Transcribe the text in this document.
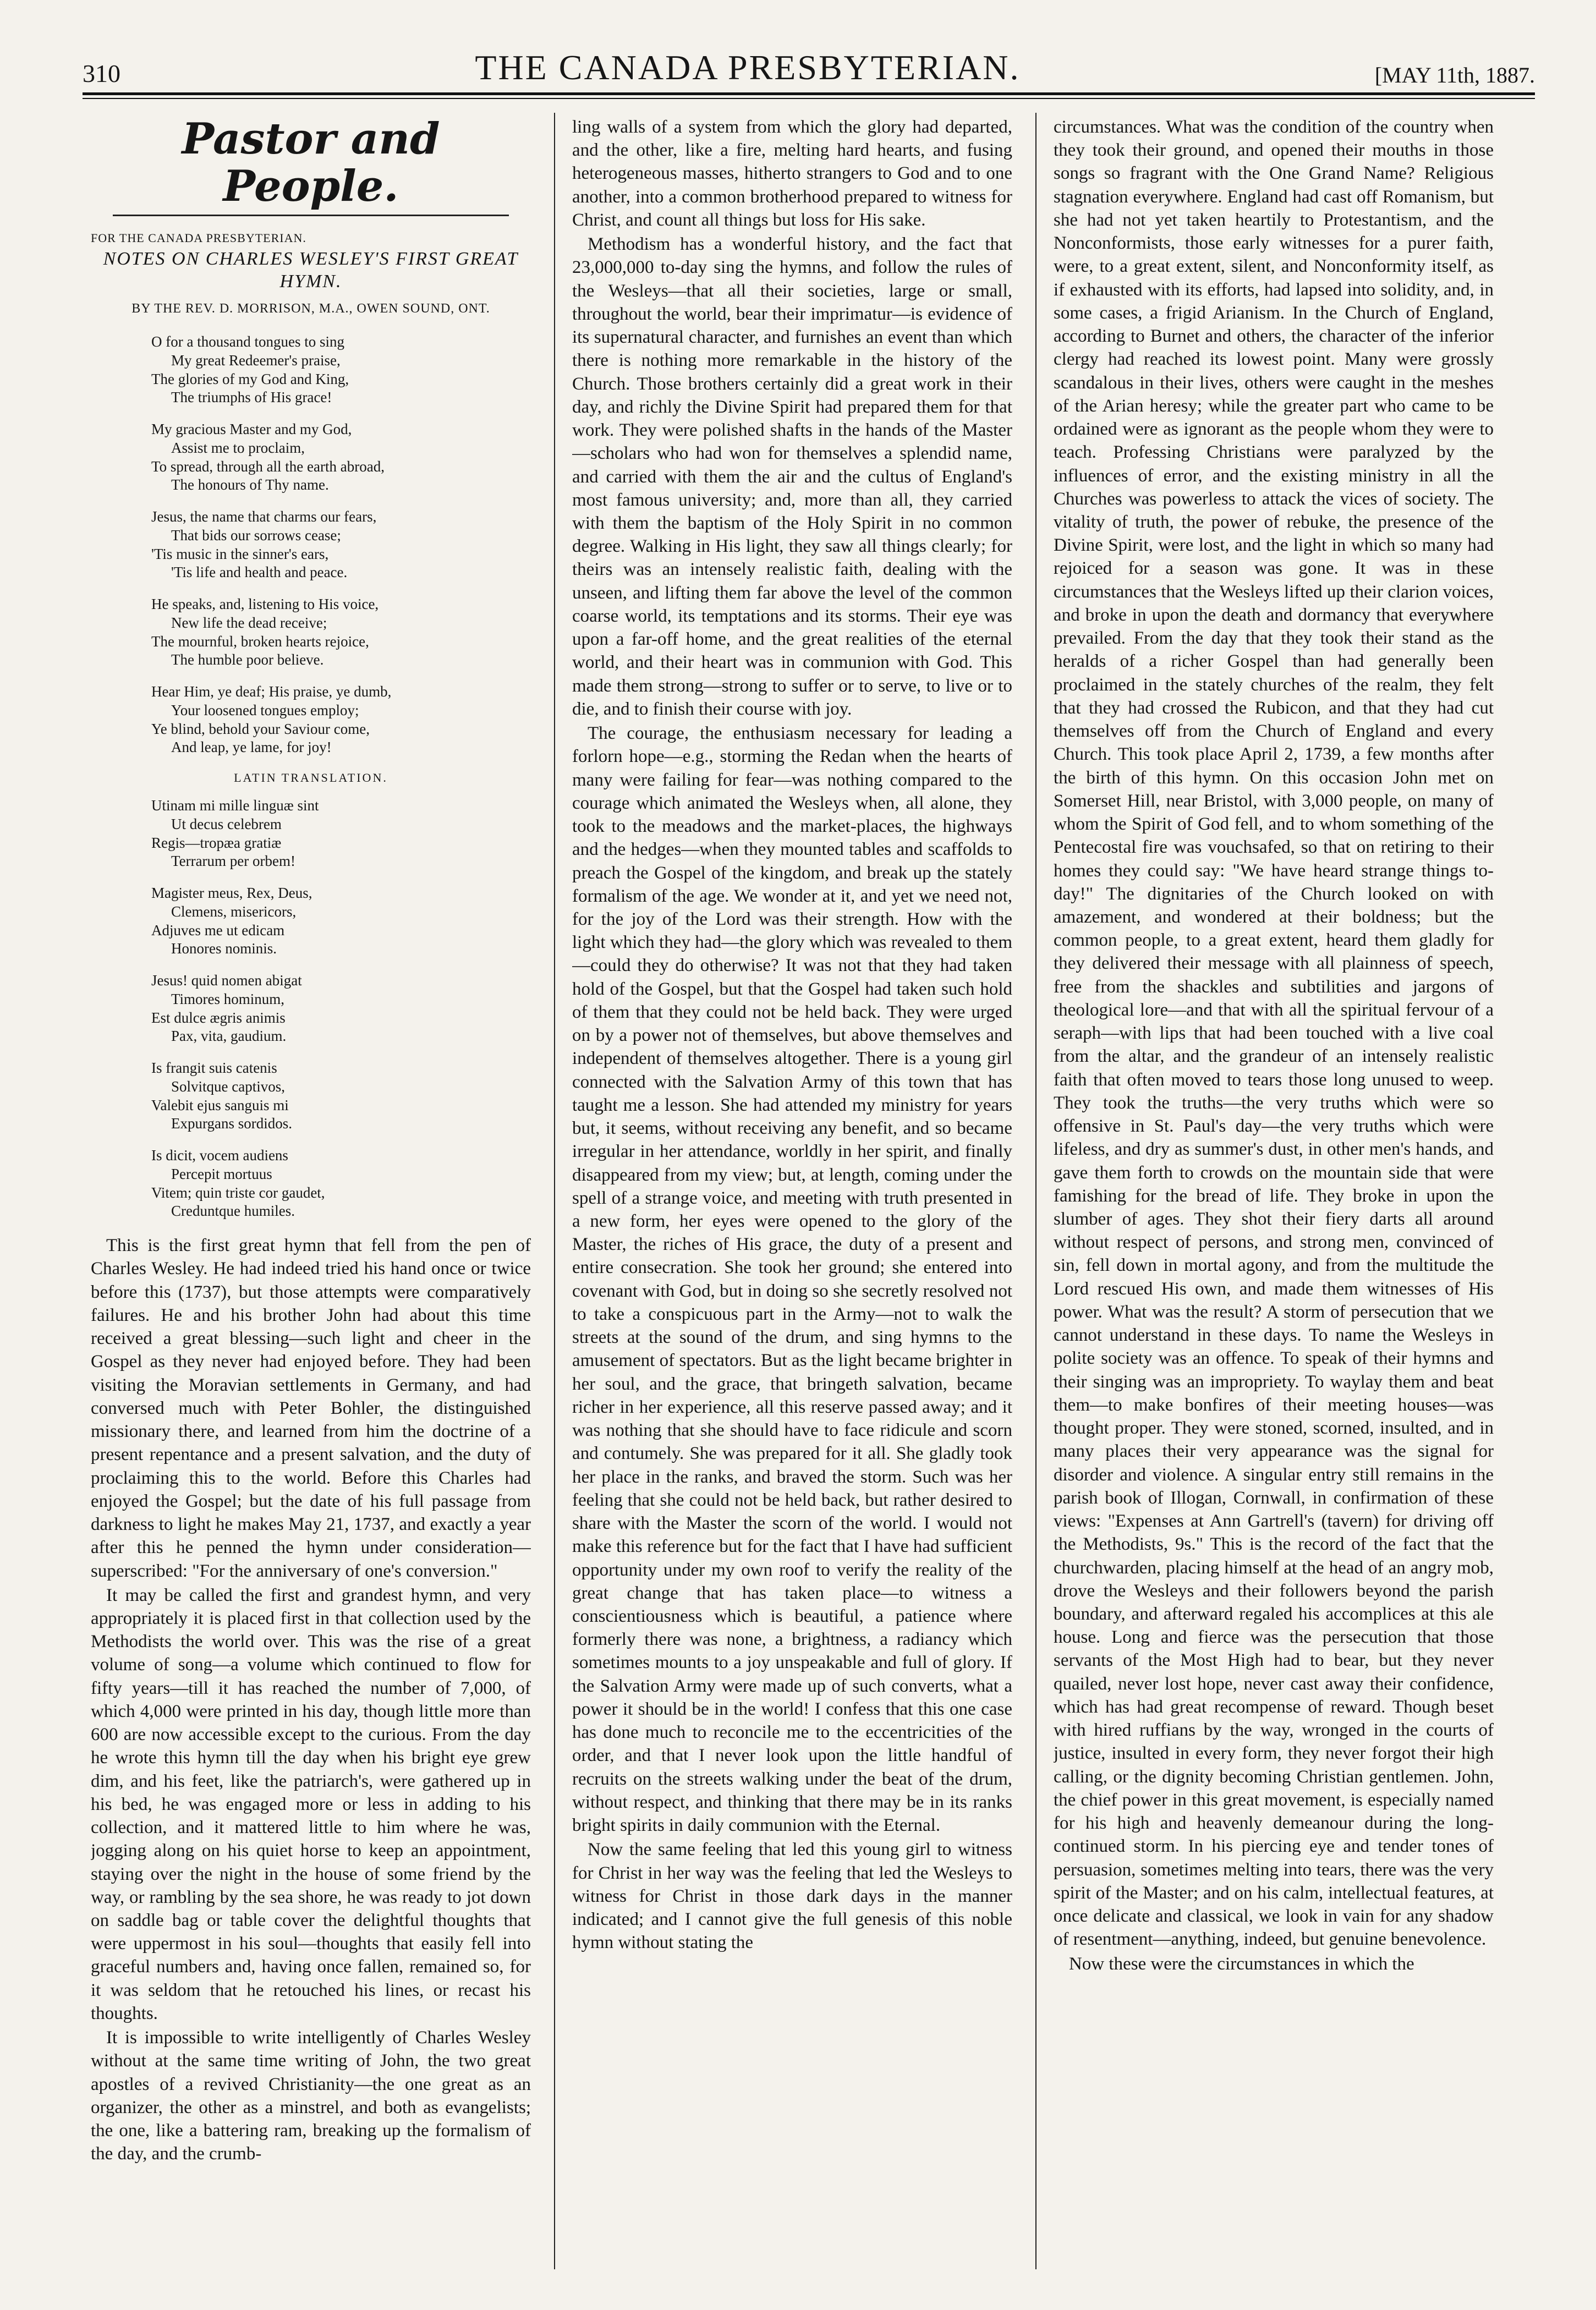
310	THE CANADA PRESBYTERIAN.	[MAY 11th, 1887.
Pastor and People.
FOR THE CANADA PRESBYTERIAN.
NOTES ON CHARLES WESLEY'S FIRST GREAT HYMN.
BY THE REV. D. MORRISON, M.A., OWEN SOUND, ONT.
O for a thousand tongues to sing
My great Redeemer's praise,
The glories of my God and King,
The triumphs of His grace!
My gracious Master and my God,
Assist me to proclaim,
To spread, through all the earth abroad,
The honours of Thy name.
Jesus, the name that charms our fears,
That bids our sorrows cease;
'Tis music in the sinner's ears,
'Tis life and health and peace.
He speaks, and, listening to His voice,
New life the dead receive;
The mournful, broken hearts rejoice,
The humble poor believe.
Hear Him, ye deaf; His praise, ye dumb,
Your loosened tongues employ;
Ye blind, behold your Saviour come,
And leap, ye lame, for joy!
LATIN TRANSLATION.
Utinam mi mille linguæ sint
Ut decus celebrem
Regis—tropæa gratiæ
Terrarum per orbem!
Magister meus, Rex, Deus,
Clemens, misericors,
Adjuves me ut edicam
Honores nominis.
Jesus! quid nomen abigat
Timores hominum,
Est dulce ægris animis
Pax, vita, gaudium.
Is frangit suis catenis
Solvitque captivos,
Valebit ejus sanguis mi
Expurgans sordidos.
Is dicit, vocem audiens
Percepit mortuus
Vitem; quin triste cor gaudet,
Creduntque humiles.

This is the first great hymn that fell from the pen of Charles Wesley. He had indeed tried his hand once or twice before this (1737), but those attempts were comparatively failures. He and his brother John had about this time received a great blessing—such light and cheer in the Gospel as they never had enjoyed before. They had been visiting the Moravian settlements in Germany, and had conversed much with Peter Bohler, the distinguished missionary there, and learned from him the doctrine of a present repentance and a present salvation, and the duty of proclaiming this to the world. Before this Charles had enjoyed the Gospel; but the date of his full passage from darkness to light he makes May 21, 1737, and exactly a year after this he penned the hymn under consideration—superscribed: "For the anniversary of one's conversion."

It may be called the first and grandest hymn, and very appropriately it is placed first in that collection used by the Methodists the world over. This was the rise of a great volume of song—a volume which continued to flow for fifty years—till it has reached the number of 7,000, of which 4,000 were printed in his day, though little more than 600 are now accessible except to the curious. From the day he wrote this hymn till the day when his bright eye grew dim, and his feet, like the patriarch's, were gathered up in his bed, he was engaged more or less in adding to his collection, and it mattered little to him where he was, jogging along on his quiet horse to keep an appointment, staying over the night in the house of some friend by the way, or rambling by the sea shore, he was ready to jot down on saddle bag or table cover the delightful thoughts that were uppermost in his soul—thoughts that easily fell into graceful numbers and, having once fallen, remained so, for it was seldom that he retouched his lines, or recast his thoughts.

It is impossible to write intelligently of Charles Wesley without at the same time writing of John, the two great apostles of a revived Christianity—the one great as an organizer, the other as a minstrel, and both as evangelists; the one, like a battering ram, breaking up the formalism of the day, and the crumb-

ling walls of a system from which the glory had departed, and the other, like a fire, melting hard hearts, and fusing heterogeneous masses, hitherto strangers to God and to one another, into a common brotherhood prepared to witness for Christ, and count all things but loss for His sake.

Methodism has a wonderful history, and the fact that 23,000,000 to-day sing the hymns, and follow the rules of the Wesleys—that all their societies, large or small, throughout the world, bear their imprimatur—is evidence of its supernatural character, and furnishes an event than which there is nothing more remarkable in the history of the Church. Those brothers certainly did a great work in their day, and richly the Divine Spirit had prepared them for that work. They were polished shafts in the hands of the Master—scholars who had won for themselves a splendid name, and carried with them the air and the cultus of England's most famous university; and, more than all, they carried with them the baptism of the Holy Spirit in no common degree. Walking in His light, they saw all things clearly; for theirs was an intensely realistic faith, dealing with the unseen, and lifting them far above the level of the common coarse world, its temptations and its storms. Their eye was upon a far-off home, and the great realities of the eternal world, and their heart was in communion with God. This made them strong—strong to suffer or to serve, to live or to die, and to finish their course with joy.

The courage, the enthusiasm necessary for leading a forlorn hope—e.g., storming the Redan when the hearts of many were failing for fear—was nothing compared to the courage which animated the Wesleys when, all alone, they took to the meadows and the market-places, the highways and the hedges—when they mounted tables and scaffolds to preach the Gospel of the kingdom, and break up the stately formalism of the age. We wonder at it, and yet we need not, for the joy of the Lord was their strength. How with the light which they had—the glory which was revealed to them—could they do otherwise? It was not that they had taken hold of the Gospel, but that the Gospel had taken such hold of them that they could not be held back. They were urged on by a power not of themselves, but above themselves and independent of themselves altogether. There is a young girl connected with the Salvation Army of this town that has taught me a lesson. She had attended my ministry for years but, it seems, without receiving any benefit, and so became irregular in her attendance, worldly in her spirit, and finally disappeared from my view; but, at length, coming under the spell of a strange voice, and meeting with truth presented in a new form, her eyes were opened to the glory of the Master, the riches of His grace, the duty of a present and entire consecration. She took her ground; she entered into covenant with God, but in doing so she secretly resolved not to take a conspicuous part in the Army—not to walk the streets at the sound of the drum, and sing hymns to the amusement of spectators. But as the light became brighter in her soul, and the grace, that bringeth salvation, became richer in her experience, all this reserve passed away; and it was nothing that she should have to face ridicule and scorn and contumely. She was prepared for it all. She gladly took her place in the ranks, and braved the storm. Such was her feeling that she could not be held back, but rather desired to share with the Master the scorn of the world. I would not make this reference but for the fact that I have had sufficient opportunity under my own roof to verify the reality of the great change that has taken place—to witness a conscientiousness which is beautiful, a patience where formerly there was none, a brightness, a radiancy which sometimes mounts to a joy unspeakable and full of glory. If the Salvation Army were made up of such converts, what a power it should be in the world! I confess that this one case has done much to reconcile me to the eccentricities of the order, and that I never look upon the little handful of recruits on the streets walking under the beat of the drum, without respect, and thinking that there may be in its ranks bright spirits in daily communion with the Eternal.

Now the same feeling that led this young girl to witness for Christ in her way was the feeling that led the Wesleys to witness for Christ in those dark days in the manner indicated; and I cannot give the full genesis of this noble hymn without stating the

circumstances. What was the condition of the country when they took their ground, and opened their mouths in those songs so fragrant with the One Grand Name? Religious stagnation everywhere. England had cast off Romanism, but she had not yet taken heartily to Protestantism, and the Nonconformists, those early witnesses for a purer faith, were, to a great extent, silent, and Nonconformity itself, as if exhausted with its efforts, had lapsed into solidity, and, in some cases, a frigid Arianism. In the Church of England, according to Burnet and others, the character of the inferior clergy had reached its lowest point. Many were grossly scandalous in their lives, others were caught in the meshes of the Arian heresy; while the greater part who came to be ordained were as ignorant as the people whom they were to teach. Professing Christians were paralyzed by the influences of error, and the existing ministry in all the Churches was powerless to attack the vices of society. The vitality of truth, the power of rebuke, the presence of the Divine Spirit, were lost, and the light in which so many had rejoiced for a season was gone. It was in these circumstances that the Wesleys lifted up their clarion voices, and broke in upon the death and dormancy that everywhere prevailed. From the day that they took their stand as the heralds of a richer Gospel than had generally been proclaimed in the stately churches of the realm, they felt that they had crossed the Rubicon, and that they had cut themselves off from the Church of England and every Church. This took place April 2, 1739, a few months after the birth of this hymn. On this occasion John met on Somerset Hill, near Bristol, with 3,000 people, on many of whom the Spirit of God fell, and to whom something of the Pentecostal fire was vouchsafed, so that on retiring to their homes they could say: "We have heard strange things to-day!" The dignitaries of the Church looked on with amazement, and wondered at their boldness; but the common people, to a great extent, heard them gladly for they delivered their message with all plainness of speech, free from the shackles and subtilities and jargons of theological lore—and that with all the spiritual fervour of a seraph—with lips that had been touched with a live coal from the altar, and the grandeur of an intensely realistic faith that often moved to tears those long unused to weep. They took the truths—the very truths which were so offensive in St. Paul's day—the very truths which were lifeless, and dry as summer's dust, in other men's hands, and gave them forth to crowds on the mountain side that were famishing for the bread of life. They broke in upon the slumber of ages. They shot their fiery darts all around without respect of persons, and strong men, convinced of sin, fell down in mortal agony, and from the multitude the Lord rescued His own, and made them witnesses of His power. What was the result? A storm of persecution that we cannot understand in these days. To name the Wesleys in polite society was an offence. To speak of their hymns and their singing was an impropriety. To waylay them and beat them—to make bonfires of their meeting houses—was thought proper. They were stoned, scorned, insulted, and in many places their very appearance was the signal for disorder and violence. A singular entry still remains in the parish book of Illogan, Cornwall, in confirmation of these views: "Expenses at Ann Gartrell's (tavern) for driving off the Methodists, 9s." This is the record of the fact that the churchwarden, placing himself at the head of an angry mob, drove the Wesleys and their followers beyond the parish boundary, and afterward regaled his accomplices at this ale house. Long and fierce was the persecution that those servants of the Most High had to bear, but they never quailed, never lost hope, never cast away their confidence, which has had great recompense of reward. Though beset with hired ruffians by the way, wronged in the courts of justice, insulted in every form, they never forgot their high calling, or the dignity becoming Christian gentlemen. John, the chief power in this great movement, is especially named for his high and heavenly demeanour during the long-continued storm. In his piercing eye and tender tones of persuasion, sometimes melting into tears, there was the very spirit of the Master; and on his calm, intellectual features, at once delicate and classical, we look in vain for any shadow of resentment—anything, indeed, but genuine benevolence.

Now these were the circumstances in which the
